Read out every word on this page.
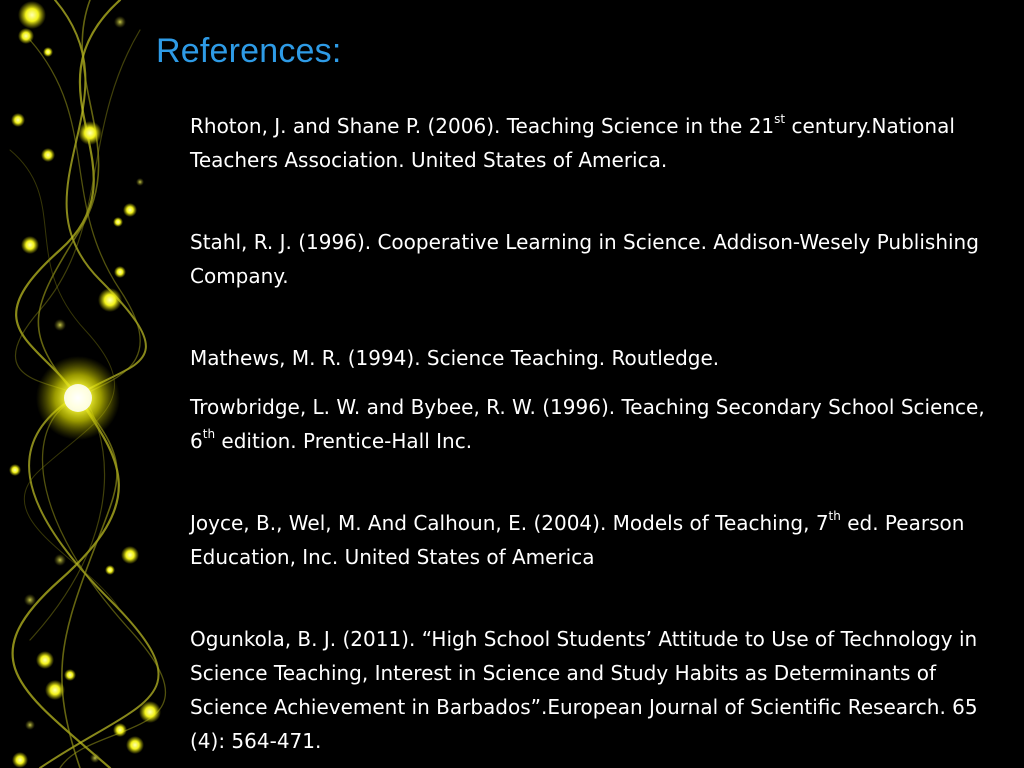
References:

Rhoton, J. and Shane P. (2006). Teaching Science in the 21st century.National Teachers Association. United States of America.

Stahl, R. J. (1996). Cooperative Learning in Science. Addison-Wesely Publishing Company.

Mathews, M. R. (1994). Science Teaching. Routledge.

Trowbridge, L. W. and Bybee, R. W. (1996). Teaching Secondary School Science, 6th edition. Prentice-Hall Inc.

Joyce, B., Wel, M. And Calhoun, E. (2004). Models of Teaching, 7th ed. Pearson Education, Inc. United States of America

Ogunkola, B. J. (2011). “High School Students’ Attitude to Use of Technology in Science Teaching, Interest in Science and Study Habits as Determinants of Science Achievement in Barbados”.European Journal of Scientific Research. 65 (4): 564-471.
